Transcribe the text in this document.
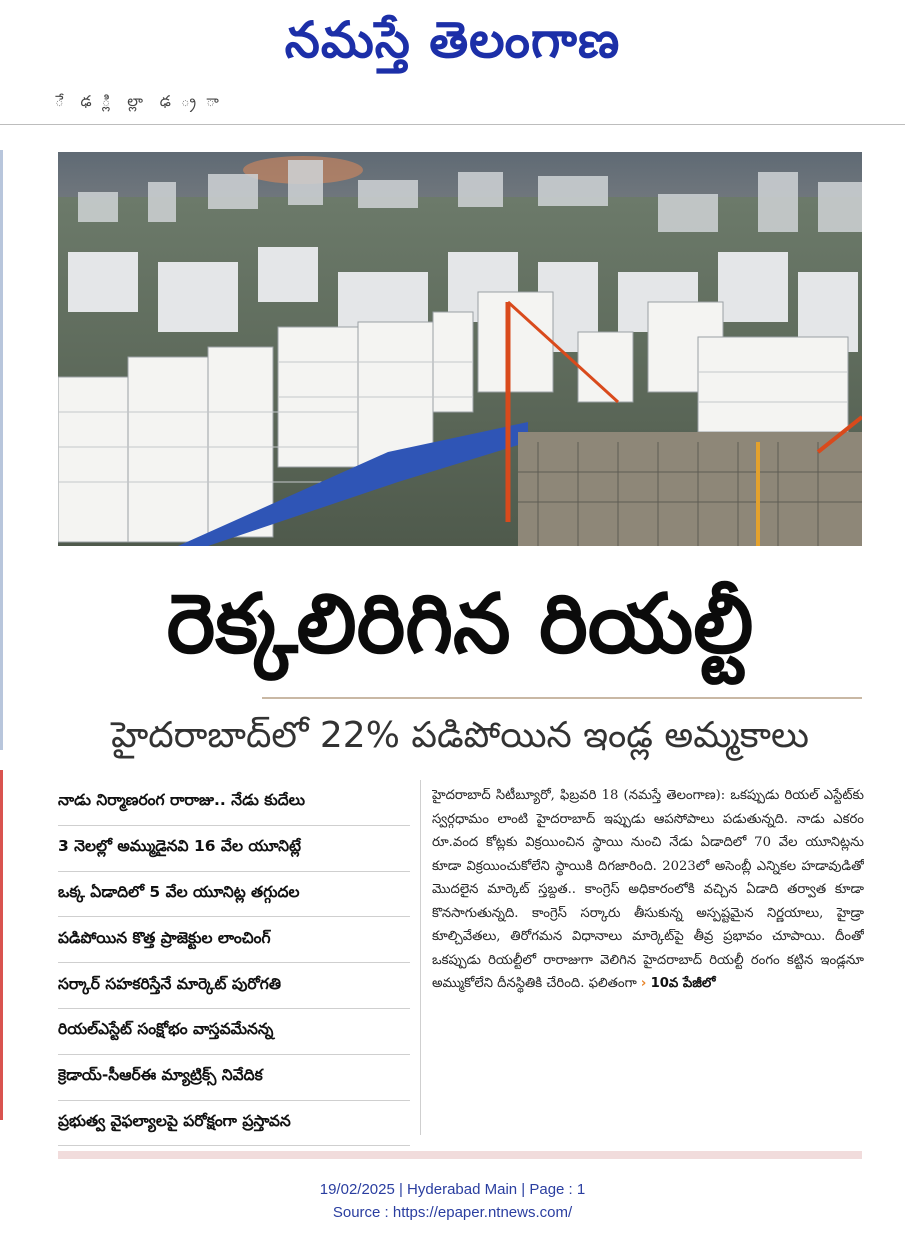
నమస్తే తెలంగాణ
ే ఢ ్లి ల్లా ఢ ్ర ా
రెక్కలిరిగిన రియల్టీ
హైదరాబాద్‌లో 22% పడిపోయిన ఇండ్ల అమ్మకాలు
నాడు నిర్మాణరంగ రారాజు.. నేడు కుదేలు
3 నెలల్లో అమ్ముడైనవి 16 వేల యూనిట్లే
ఒక్క ఏడాదిలో 5 వేల యూనిట్ల తగ్గుదల
పడిపోయిన కొత్త ప్రాజెక్టుల లాంచింగ్
సర్కార్ సహకరిస్తేనే మార్కెట్ పురోగతి
రియల్ఎస్టేట్ సంక్షోభం వాస్తవమేనన్న
క్రెడాయ్-సీఆర్ఈ మ్యాట్రిక్స్ నివేదిక
ప్రభుత్వ వైఫల్యాలపై పరోక్షంగా ప్రస్తావన
హైదరాబాద్ సిటీబ్యూరో, ఫిబ్రవరి 18 (నమస్తే తెలంగాణ): ఒకప్పుడు రియల్ ఎస్టేట్‌కు స్వర్గధామం లాంటి హైదరాబాద్ ఇప్పుడు ఆపసోపాలు పడుతున్నది. నాడు ఎకరం రూ.వంద కోట్లకు విక్రయించిన స్థాయి నుంచి నేడు ఏడాదిలో 70 వేల యూనిట్లను కూడా విక్రయించుకోలేని స్థాయికి దిగజారింది. 2023లో అసెంబ్లీ ఎన్నికల హడావుడితో మొదలైన మార్కెట్ స్తబ్దత.. కాంగ్రెస్ అధికారంలోకి వచ్చిన ఏడాది తర్వాత కూడా కొనసాగుతున్నది. కాంగ్రెస్ సర్కారు తీసుకున్న అస్పష్టమైన నిర్ణయాలు, హైడ్రా కూల్చివేతలు, తిరోగమన విధానాలు మార్కెట్‌పై తీవ్ర ప్రభావం చూపాయి. దీంతో ఒకప్పుడు రియల్టీలో రారాజుగా వెలిగిన హైదరాబాద్ రియల్టీ రంగం కట్టిన ఇండ్లనూ అమ్ముకోలేని దీనస్థితికి చేరింది. ఫలితంగా › 10వ పేజీలో
19/02/2025 | Hyderabad Main | Page : 1
Source : https://epaper.ntnews.com/
